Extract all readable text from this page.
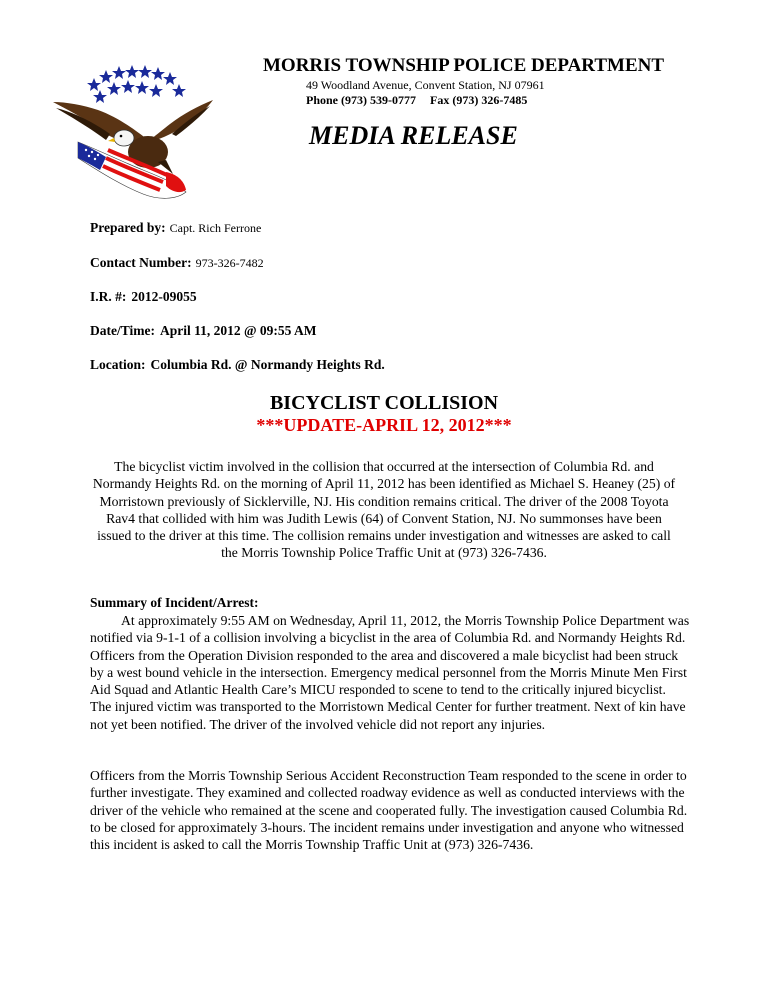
MORRIS TOWNSHIP POLICE DEPARTMENT
49 Woodland Avenue, Convent Station, NJ 07961
Phone (973) 539-0777 Fax (973) 326-7485
MEDIA RELEASE
Prepared by: Capt. Rich Ferrone
Contact Number: 973-326-7482
I.R. #: 2012-09055
Date/Time: April 11, 2012 @ 09:55 AM
Location: Columbia Rd. @ Normandy Heights Rd.
BICYCLIST COLLISION
***UPDATE-APRIL 12, 2012***
The bicyclist victim involved in the collision that occurred at the intersection of Columbia Rd. and Normandy Heights Rd. on the morning of April 11, 2012 has been identified as Michael S. Heaney (25) of Morristown previously of Sicklerville, NJ. His condition remains critical. The driver of the 2008 Toyota Rav4 that collided with him was Judith Lewis (64) of Convent Station, NJ. No summonses have been issued to the driver at this time. The collision remains under investigation and witnesses are asked to call the Morris Township Police Traffic Unit at (973) 326-7436.
Summary of Incident/Arrest:
At approximately 9:55 AM on Wednesday, April 11, 2012, the Morris Township Police Department was notified via 9-1-1 of a collision involving a bicyclist in the area of Columbia Rd. and Normandy Heights Rd. Officers from the Operation Division responded to the area and discovered a male bicyclist had been struck by a west bound vehicle in the intersection. Emergency medical personnel from the Morris Minute Men First Aid Squad and Atlantic Health Care’s MICU responded to scene to tend to the critically injured bicyclist. The injured victim was transported to the Morristown Medical Center for further treatment. Next of kin have not yet been notified. The driver of the involved vehicle did not report any injuries.
Officers from the Morris Township Serious Accident Reconstruction Team responded to the scene in order to further investigate. They examined and collected roadway evidence as well as conducted interviews with the driver of the vehicle who remained at the scene and cooperated fully. The investigation caused Columbia Rd. to be closed for approximately 3-hours. The incident remains under investigation and anyone who witnessed this incident is asked to call the Morris Township Traffic Unit at (973) 326-7436.
